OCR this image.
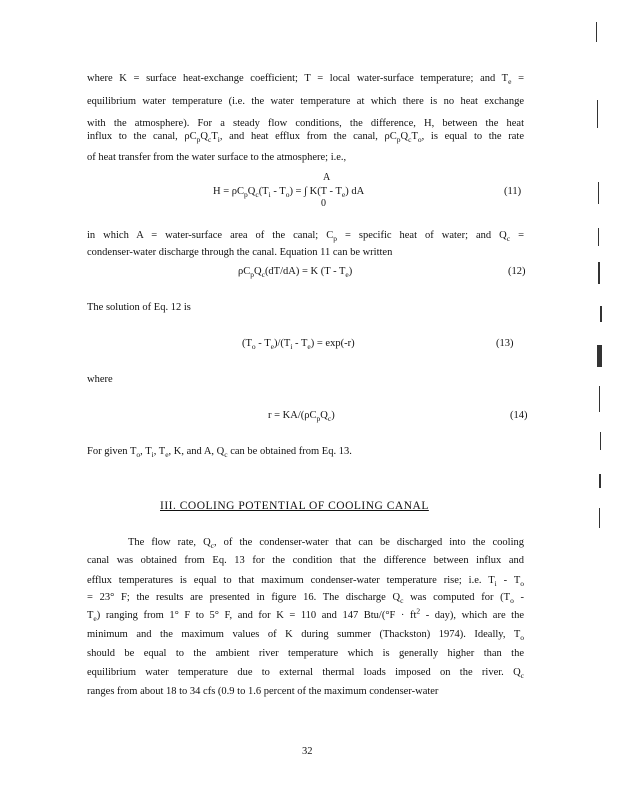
where K = surface heat-exchange coefficient; T = local water-surface temperature; and $T_e$ =
equilibrium water temperature (i.e. the water temperature at which there is no heat exchange
with the atmosphere). For a steady flow conditions, the difference, H, between the heat
influx to the canal, $\rho C_pQ_cT_i$, and heat efflux from the canal, $\rho C_pQ_cT_o$, is equal to the rate
of heat transfer from the water surface to the atmosphere; i.e.,
A
$H = \rho C_pQ_c(T_i - T_o)$ = ∫ $K(T - T_e)$ dA
0
(11)
in which A = water-surface area of the canal; $C_p$ = specific heat of water; and $Q_c$ =
condenser-water discharge through the canal. Equation 11 can be written
$\rho C_pQ_c(dT/dA) = K$ $(T - T_e)$	(12)
The solution of Eq. 12 is
$(T_o - T_e)/(T_i - T_e) = \exp(-r)$	(13)
where
$r = KA/(\rho C_pQ_c)$	(14)
For given $T_o$, $T_i$, $T_e$, K, and A, $Q_c$ can be obtained from Eq. 13.
III. COOLING POTENTIAL OF COOLING CANAL
The flow rate, $Q_c$, of the condenser-water that can be discharged into the cooling
canal was obtained from Eq. 13 for the condition that the difference between influx and
efflux temperatures is equal to that maximum condenser-water temperature rise; i.e. $T_i - T_o$
= 23° F; the results are presented in figure 16. The discharge $Q_c$ was computed for ($T_o$ -
$T_e$) ranging from 1° F to 5° F, and for K = 110 and 147 $Btu/(^\circ F \cdot ft^2 - day)$, which are the
minimum and the maximum values of K during summer (Thackston) 1974). Ideally, $T_o$
should be equal to the ambient river temperature which is generally higher than the
equilibrium water temperature due to external thermal loads imposed on the river. $Q_c$
ranges from about 18 to 34 cfs (0.9 to 1.6 percent of the maximum condenser-water
32
